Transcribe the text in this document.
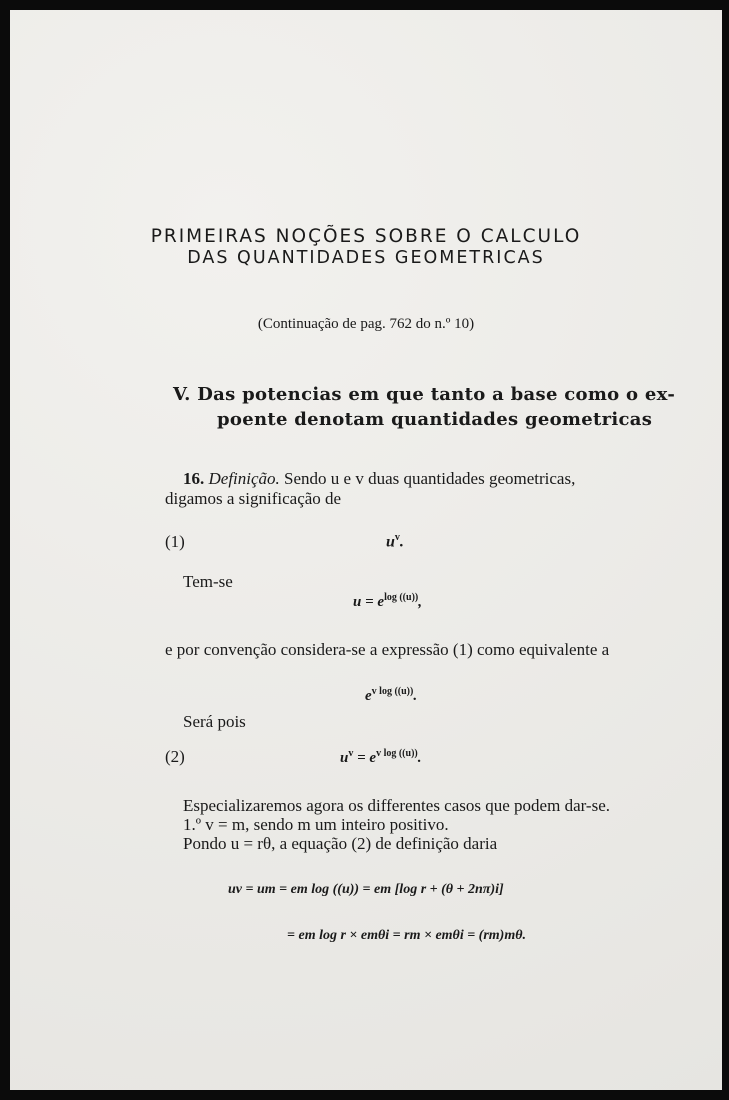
PRIMEIRAS NOÇÕES SOBRE O CALCULO
DAS QUANTIDADES GEOMETRICAS
(Continuação de pag. 762 do n.º 10)
V. Das potencias em que tanto a base como o ex-
poente denotam quantidades geometricas
16. Definição. Sendo u e v duas quantidades geometricas,
digamos a significação de
(1)	$u^v$.
Tem-se
$u = e^{log ((u))}$,
e por convenção considera-se a expressão (1) como equivalente a
$e^{v log ((u))}$.
Será pois
(2)	$u^v = e^{v log ((u))}$.
Especializaremos agora os differentes casos que podem dar-se.
1.º v = m, sendo m um inteiro positivo.
Pondo u = rθ, a equação (2) de definição daria
uv = um = em log ((u)) = em [log r + (θ + 2nπ)i]
= em log r × emθi = rm × emθi = (rm)mθ.
